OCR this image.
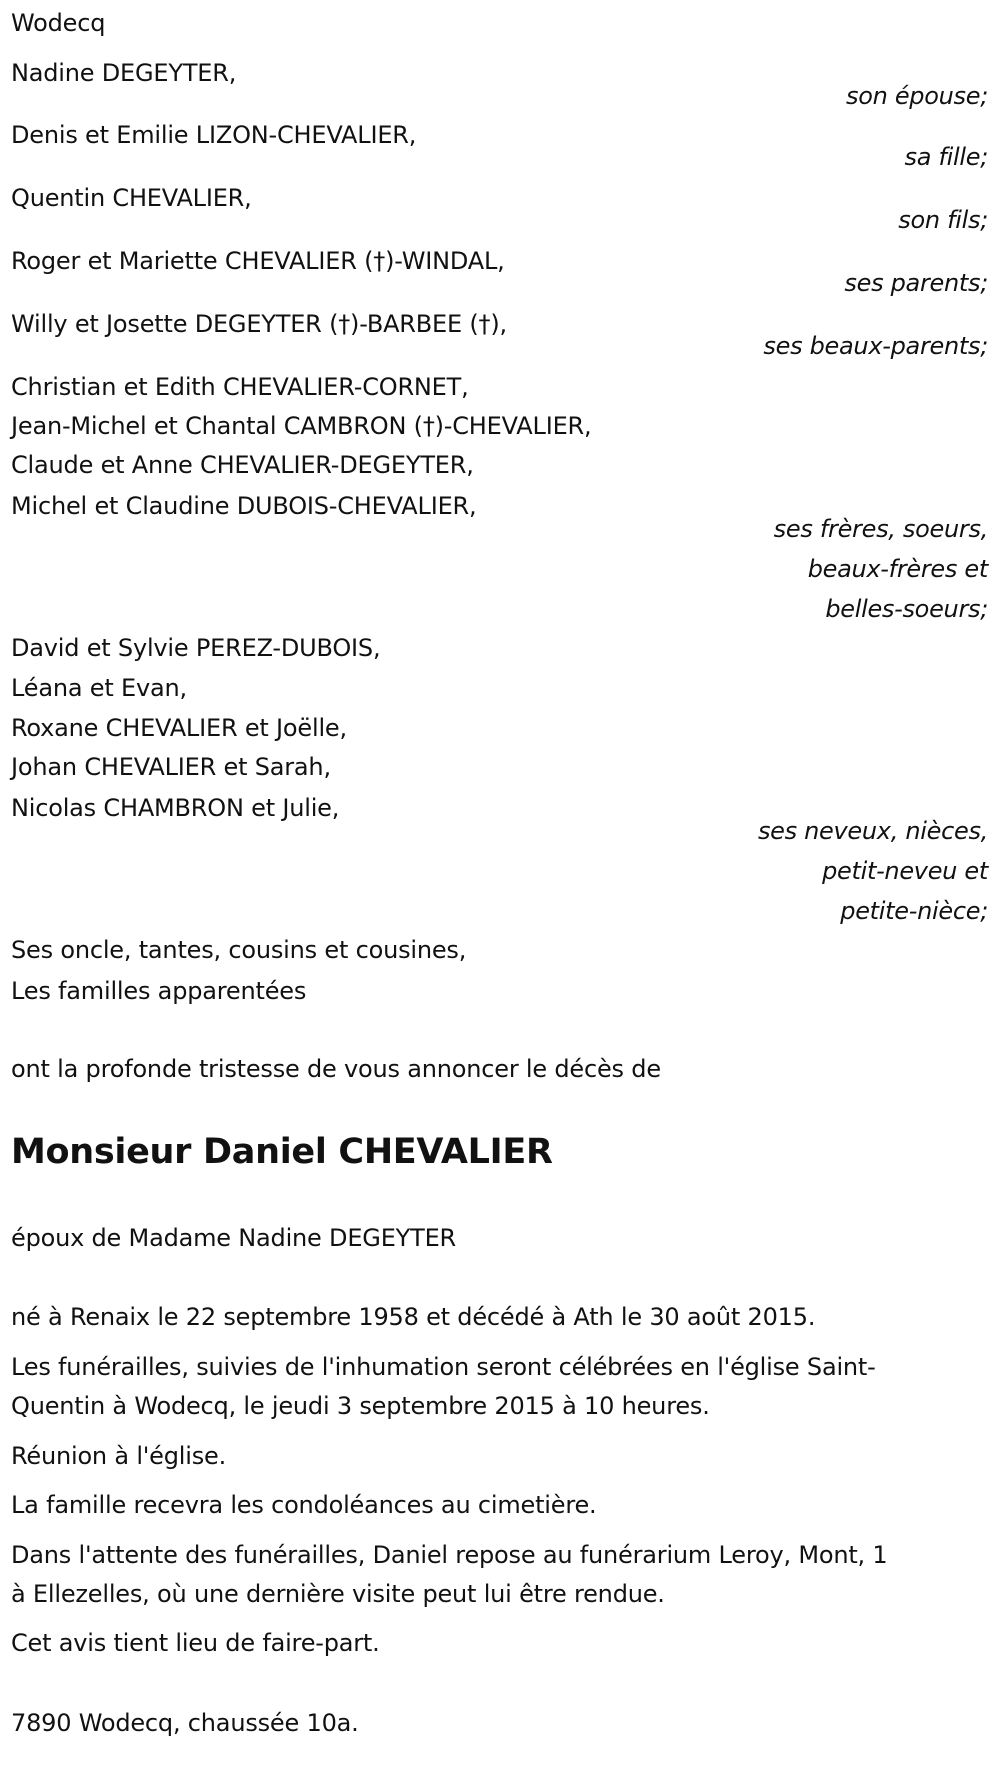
Wodecq
Nadine DEGEYTER,
son épouse;
Denis et Emilie LIZON-CHEVALIER,
sa fille;
Quentin CHEVALIER,
son fils;
Roger et Mariette CHEVALIER (†)-WINDAL,
ses parents;
Willy et Josette DEGEYTER (†)-BARBEE (†),
ses beaux-parents;
Christian et Edith CHEVALIER-CORNET,
Jean-Michel et Chantal CAMBRON (†)-CHEVALIER,
Claude et Anne CHEVALIER-DEGEYTER,
Michel et Claudine DUBOIS-CHEVALIER,
ses frères, soeurs,
beaux-frères et
belles-soeurs;
David et Sylvie PEREZ-DUBOIS,
Léana et Evan,
Roxane CHEVALIER et Joëlle,
Johan CHEVALIER et Sarah,
Nicolas CHAMBRON et Julie,
ses neveux, nièces,
petit-neveu et
petite-nièce;
Ses oncle, tantes, cousins et cousines,
Les familles apparentées
ont la profonde tristesse de vous annoncer le décès de
Monsieur Daniel CHEVALIER
époux de Madame Nadine DEGEYTER
né à Renaix le 22 septembre 1958 et décédé à Ath le 30 août 2015.
Les funérailles, suivies de l'inhumation seront célébrées en l'église Saint-
Quentin à Wodecq, le jeudi 3 septembre 2015 à 10 heures.
Réunion à l'église.
La famille recevra les condoléances au cimetière.
Dans l'attente des funérailles, Daniel repose au funérarium Leroy, Mont, 1
à Ellezelles, où une dernière visite peut lui être rendue.
Cet avis tient lieu de faire-part.
7890 Wodecq, chaussée 10a.
